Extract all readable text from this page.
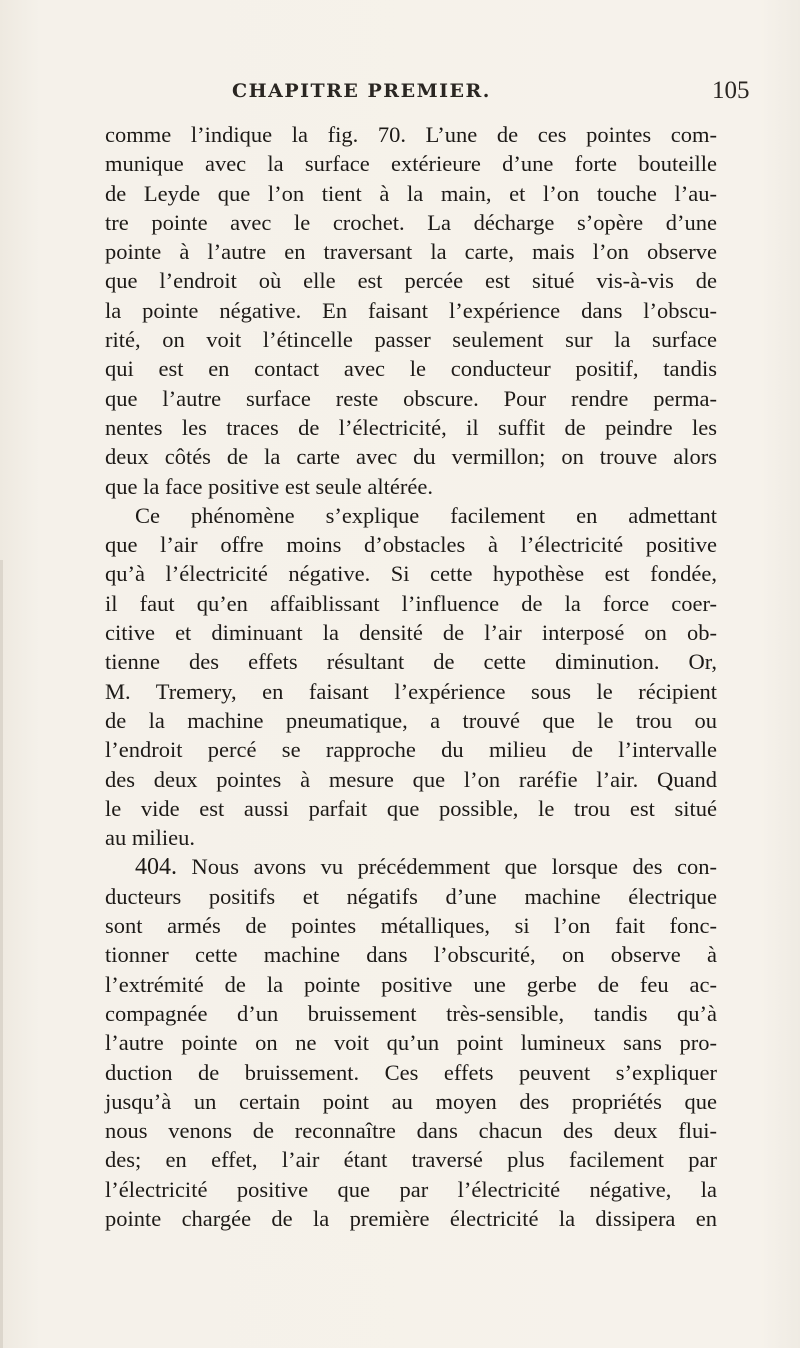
CHAPITRE PREMIER.	105
comme l’indique la fig. 70. L’une de ces pointes com-
munique avec la surface extérieure d’une forte bouteille
de Leyde que l’on tient à la main, et l’on touche l’au-
tre pointe avec le crochet. La décharge s’opère d’une
pointe à l’autre en traversant la carte, mais l’on observe
que l’endroit où elle est percée est situé vis-à-vis de
la pointe négative. En faisant l’expérience dans l’obscu-
rité, on voit l’étincelle passer seulement sur la surface
qui est en contact avec le conducteur positif, tandis
que l’autre surface reste obscure. Pour rendre perma-
nentes les traces de l’électricité, il suffit de peindre les
deux côtés de la carte avec du vermillon; on trouve alors
que la face positive est seule altérée.
Ce phénomène s’explique facilement en admettant
que l’air offre moins d’obstacles à l’électricité positive
qu’à l’électricité négative. Si cette hypothèse est fondée,
il faut qu’en affaiblissant l’influence de la force coer-
citive et diminuant la densité de l’air interposé on ob-
tienne des effets résultant de cette diminution. Or,
M. Tremery, en faisant l’expérience sous le récipient
de la machine pneumatique, a trouvé que le trou ou
l’endroit percé se rapproche du milieu de l’intervalle
des deux pointes à mesure que l’on raréfie l’air. Quand
le vide est aussi parfait que possible, le trou est situé
au milieu.
404. Nous avons vu précédemment que lorsque des con-
ducteurs positifs et négatifs d’une machine électrique
sont armés de pointes métalliques, si l’on fait fonc-
tionner cette machine dans l’obscurité, on observe à
l’extrémité de la pointe positive une gerbe de feu ac-
compagnée d’un bruissement très-sensible, tandis qu’à
l’autre pointe on ne voit qu’un point lumineux sans pro-
duction de bruissement. Ces effets peuvent s’expliquer
jusqu’à un certain point au moyen des propriétés que
nous venons de reconnaître dans chacun des deux flui-
des; en effet, l’air étant traversé plus facilement par
l’électricité positive que par l’électricité négative, la
pointe chargée de la première électricité la dissipera en
